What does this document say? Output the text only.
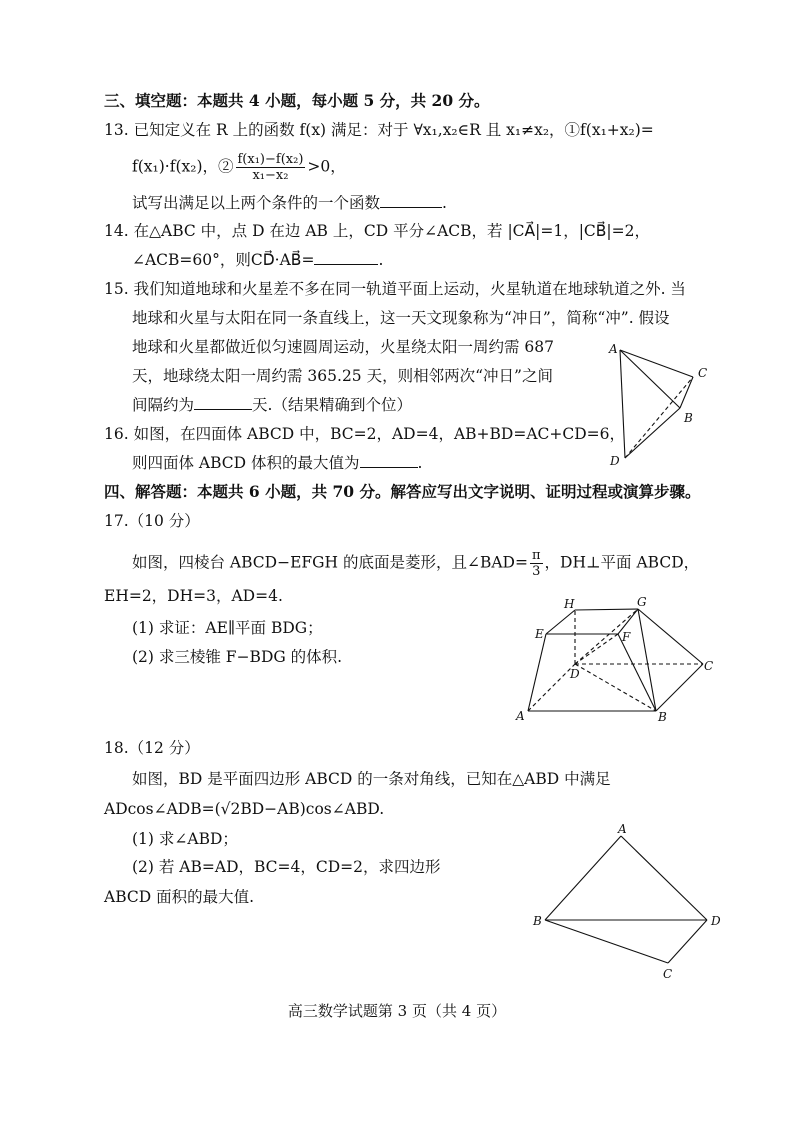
三、填空题：本题共 4 小题，每小题 5 分，共 20 分。
13. 已知定义在 R 上的函数 f(x) 满足：对于 ∀x₁,x₂∈R 且 x₁≠x₂，①f(x₁+x₂)=
f(x₁)·f(x₂)，② $\frac{\text{f(x₁)−f(x₂)}}{\text{x₁−x₂}} >0$，
试写出满足以上两个条件的一个函数	.
14. 在△ABC 中，点 D 在边 AB 上，CD 平分∠ACB，若 |CA⃗|=1，|CB⃗|=2，
∠ACB=60°，则CD⃗·AB⃗=	.
15. 我们知道地球和火星差不多在同一轨道平面上运动，火星轨道在地球轨道之外. 当
地球和火星与太阳在同一条直线上，这一天文现象称为“冲日”，简称“冲”. 假设
地球和火星都做近似匀速圆周运动，火星绕太阳一周约需 687
天，地球绕太阳一周约需 365.25 天，则相邻两次“冲日”之间
间隔约为	天.（结果精确到个位）
16. 如图，在四面体 ABCD 中，BC=2，AD=4，AB+BD=AC+CD=6，
则四面体 ABCD 体积的最大值为	.
A
C
B
D
四、解答题：本题共 6 小题，共 70 分。解答应写出文字说明、证明过程或演算步骤。
17.（10 分）
如图，四棱台 ABCD−EFGH 的底面是菱形，且∠BAD= $\frac{\pi}{3}$ ，DH⊥平面 ABCD，
EH=2，DH=3，AD=4.
(1) 求证：AE∥平面 BDG；
(2) 求三棱锥 F−BDG 的体积.
H	G
E	F
D
C
A	B
18.（12 分）
如图，BD 是平面四边形 ABCD 的一条对角线，已知在△ABD 中满足
ADcos∠ADB=(√2BD−AB)cos∠ABD.
(1) 求∠ABD；
(2) 若 AB=AD，BC=4，CD=2，求四边形
ABCD 面积的最大值.
A
B	D
C
高三数学试题第 3 页（共 4 页）
